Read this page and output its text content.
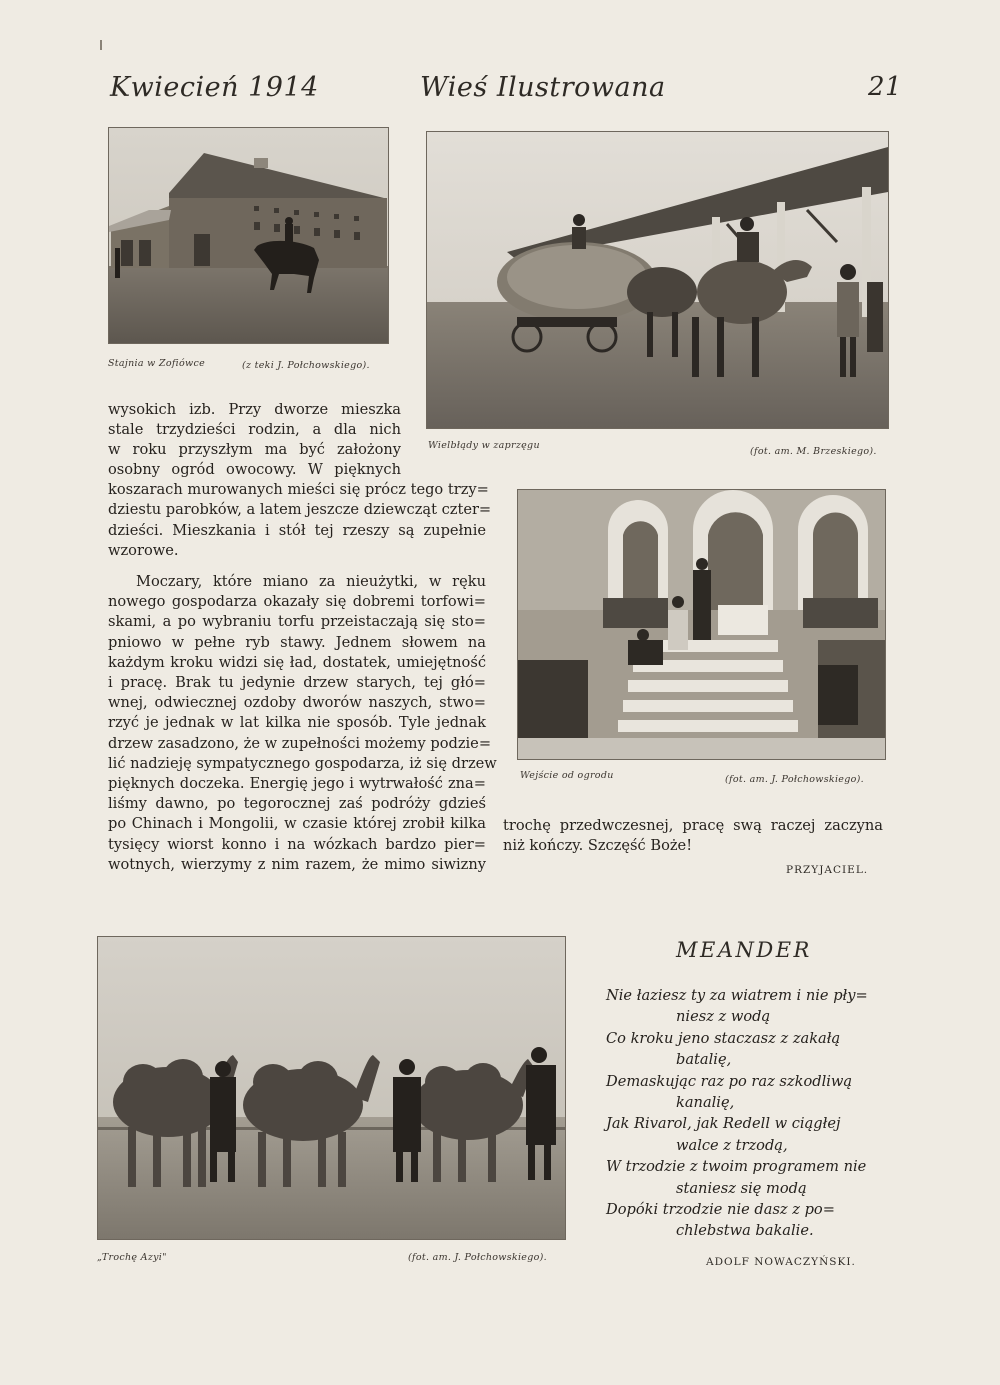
Kwiecień 1914	Wieś Ilustrowana	21
Stajnia w Zofiówce	(z teki J. Połchowskiego).
Wielbłądy w zaprzęgu
(fot. am. M. Brzeskiego).
Wejście od ogrodu	(fot. am. J. Połchowskiego).
wysokich izb. Przy dworze mieszka
stale trzydzieści rodzin, a dla nich
w roku przyszłym ma być założony
osobny ogród owocowy. W pięknych
koszarach murowanych mieści się prócz tego trzy=
dziestu parobków, a latem jeszcze dziewcząt czter=
dzieści. Mieszkania i stół tej rzeszy są zupełnie
wzorowe.
Moczary, które miano za nieużytki, w ręku
nowego gospodarza okazały się dobremi torfowi=
skami, a po wybraniu torfu przeistaczają się sto=
pniowo w pełne ryb stawy. Jednem słowem na
każdym kroku widzi się ład, dostatek, umiejętność
i pracę. Brak tu jedynie drzew starych, tej głó=
wnej, odwiecznej ozdoby dworów naszych, stwo=
rzyć je jednak w lat kilka nie sposób. Tyle jednak
drzew zasadzono, że w zupełności możemy podzie=
lić nadzieję sympatycznego gospodarza, iż się drzew
pięknych doczeka. Energię jego i wytrwałość zna=
liśmy dawno, po tegorocznej zaś podróży gdzieś
po Chinach i Mongolii, w czasie której zrobił kilka
tysięcy wiorst konno i na wózkach bardzo pier=
wotnych, wierzymy z nim razem, że mimo siwizny
trochę przedwczesnej, pracę swą raczej zaczyna
niż kończy. Szczęść Boże!
PRZYJACIEL.
„Trochę Azyi"	(fot. am. J. Połchowskiego).
MEANDER
Nie łaziesz ty za wiatrem i nie pły=
niesz z wodą
Co kroku jeno staczasz z zakałą
batalię,
Demaskując raz po raz szkodliwą
kanalię,
Jak Rivarol, jak Redell w ciągłej
walce z trzodą,
W trzodzie z twoim programem nie
staniesz się modą
Dopóki trzodzie nie dasz z po=
chlebstwa bakalie.
ADOLF NOWACZYŃSKI.
